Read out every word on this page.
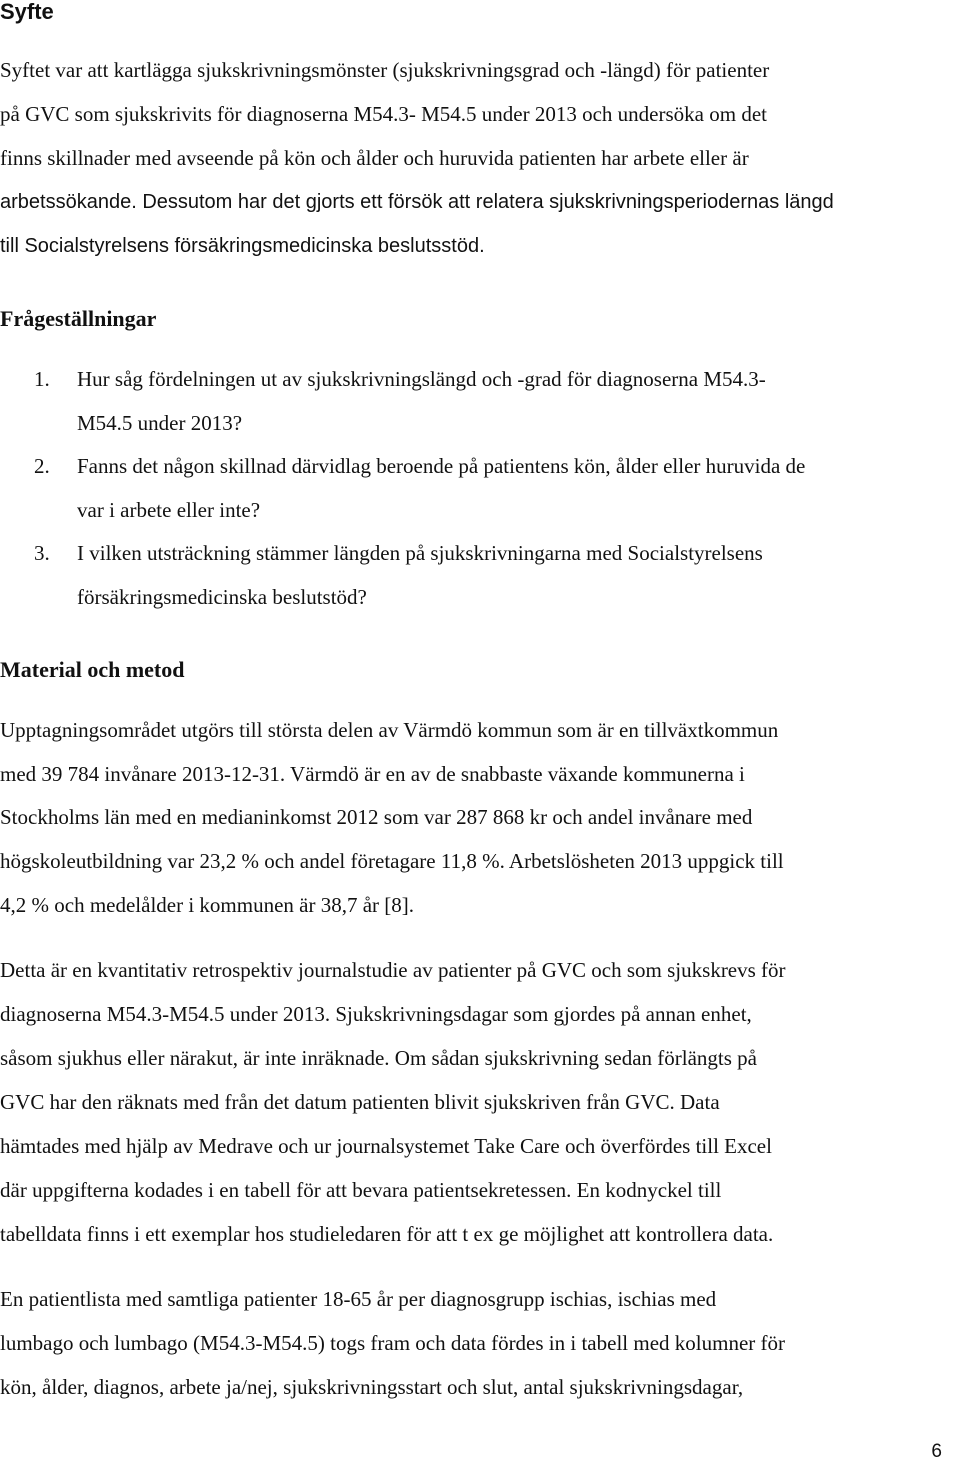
Syfte
Syftet var att kartlägga sjukskrivningsmönster (sjukskrivningsgrad och -längd) för patienter
på GVC som sjukskrivits för diagnoserna M54.3- M54.5 under 2013 och undersöka om det
finns skillnader med avseende på kön och ålder och huruvida patienten har arbete eller är
arbetssökande. Dessutom har det gjorts ett försök att relatera sjukskrivningsperiodernas längd
till Socialstyrelsens försäkringsmedicinska beslutsstöd.
Frågeställningar
1. Hur såg fördelningen ut av sjukskrivningslängd och -grad för diagnoserna M54.3-
M54.5 under 2013?
2. Fanns det någon skillnad därvidlag beroende på patientens kön, ålder eller huruvida de
var i arbete eller inte?
3. I vilken utsträckning stämmer längden på sjukskrivningarna med Socialstyrelsens
försäkringsmedicinska beslutstöd?
Material och metod
Upptagningsområdet utgörs till största delen av Värmdö kommun som är en tillväxtkommun
med 39 784 invånare 2013-12-31. Värmdö är en av de snabbaste växande kommunerna i
Stockholms län med en medianinkomst 2012 som var 287 868 kr och andel invånare med
högskoleutbildning var 23,2 % och andel företagare 11,8 %. Arbetslösheten 2013 uppgick till
4,2 % och medelålder i kommunen är 38,7 år [8].
Detta är en kvantitativ retrospektiv journalstudie av patienter på GVC och som sjukskrevs för
diagnoserna M54.3-M54.5 under 2013. Sjukskrivningsdagar som gjordes på annan enhet,
såsom sjukhus eller närakut, är inte inräknade. Om sådan sjukskrivning sedan förlängts på
GVC har den räknats med från det datum patienten blivit sjukskriven från GVC. Data
hämtades med hjälp av Medrave och ur journalsystemet Take Care och överfördes till Excel
där uppgifterna kodades i en tabell för att bevara patientsekretessen. En kodnyckel till
tabelldata finns i ett exemplar hos studieledaren för att t ex ge möjlighet att kontrollera data.
En patientlista med samtliga patienter 18-65 år per diagnosgrupp ischias, ischias med
lumbago och lumbago (M54.3-M54.5) togs fram och data fördes in i tabell med kolumner för
kön, ålder, diagnos, arbete ja/nej, sjukskrivningsstart och slut, antal sjukskrivningsdagar,
6
